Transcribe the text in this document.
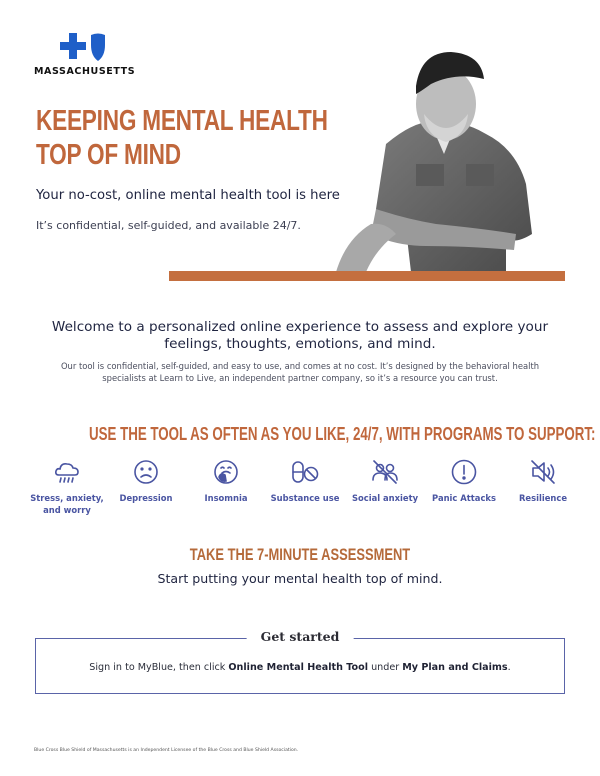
MASSACHUSETTS
KEEPING MENTAL HEALTH
TOP OF MIND
Your no-cost, online mental health tool is here
It’s confidential, self-guided, and available 24/7.
Welcome to a personalized online experience to assess and explore your feelings, thoughts, emotions, and mind.
Our tool is confidential, self-guided, and easy to use, and comes at no cost. It’s designed by the behavioral health specialists at Learn to Live, an independent partner company, so it’s a resource you can trust.
USE THE TOOL AS OFTEN AS YOU LIKE, 24/7, WITH PROGRAMS TO SUPPORT:
Stress, anxiety, and worry
Depression	Insomnia	Substance use	Social anxiety	Panic Attacks	Resilience
TAKE THE 7-MINUTE ASSESSMENT
Start putting your mental health top of mind.
Get started
Sign in to MyBlue, then click Online Mental Health Tool under My Plan and Claims.
Blue Cross Blue Shield of Massachusetts is an Independent Licensee of the Blue Cross and Blue Shield Association.
